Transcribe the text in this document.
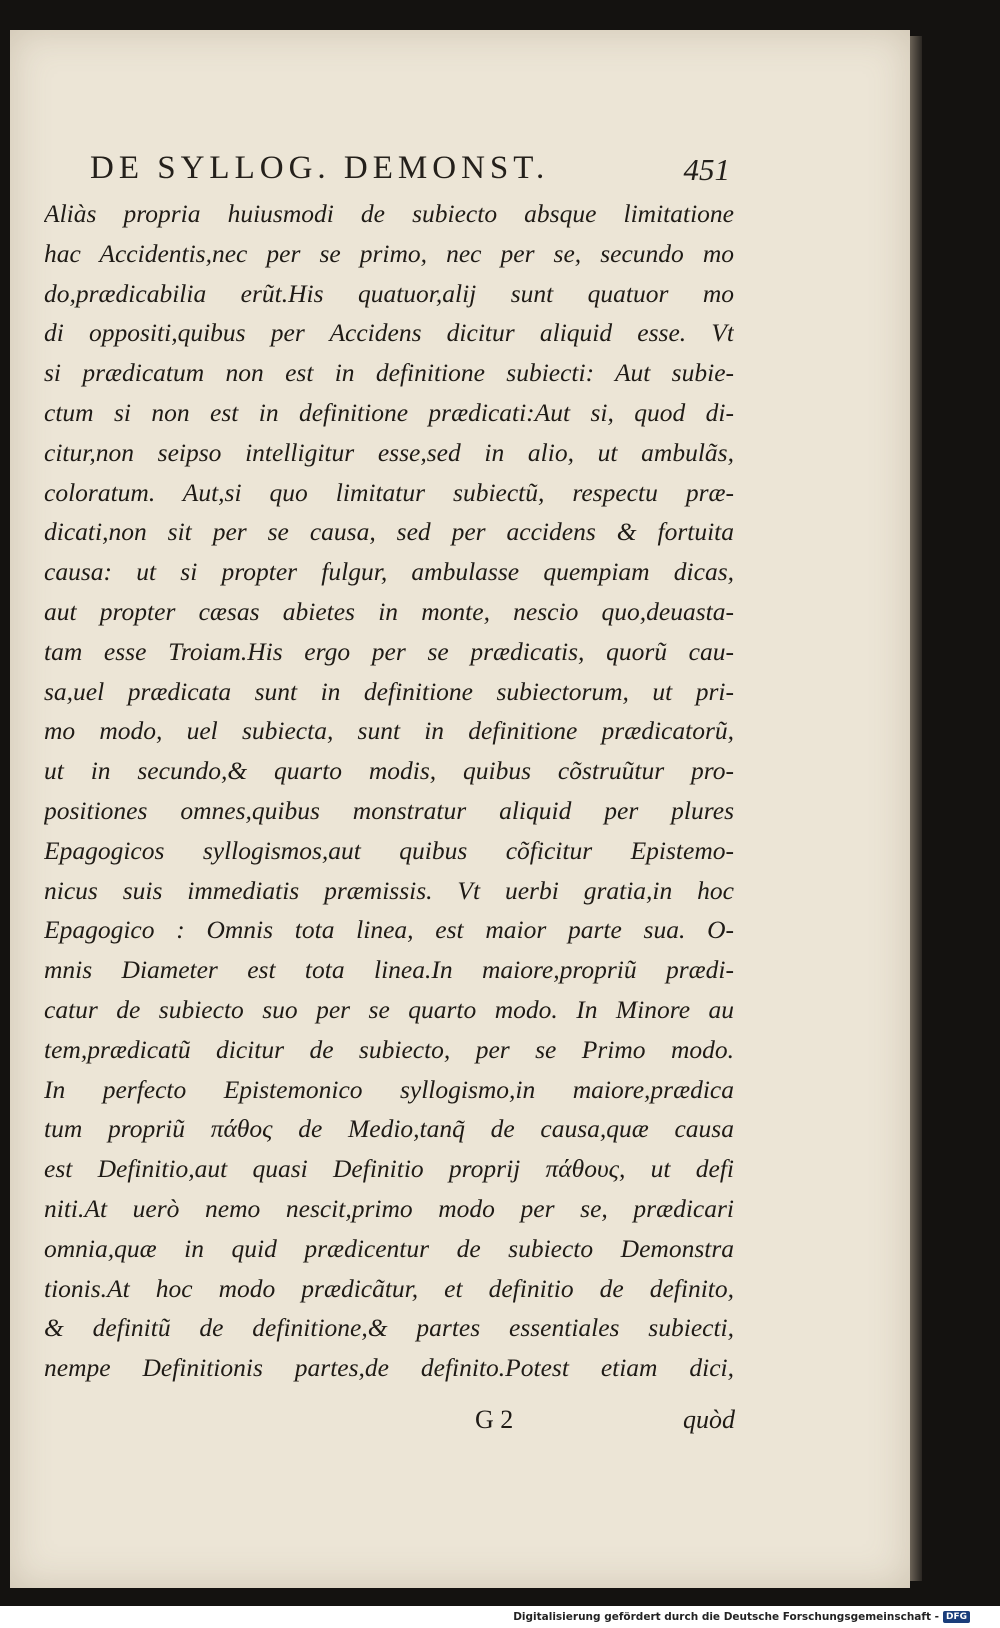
DE SYLLOG. DEMONST.	451
Aliàs propria huiusmodi de subiecto absque limitatione
hac Accidentis,nec per se primo, nec per se, secundo mo
do,prædicabilia erũt.His quatuor,alij sunt quatuor mo
di oppositi,quibus per Accidens dicitur aliquid esse. Vt
si prædicatum non est in definitione subiecti: Aut subie-
ctum si non est in definitione prædicati:Aut si, quod di-
citur,non seipso intelligitur esse,sed in alio, ut ambulãs,
coloratum. Aut,si quo limitatur subiectũ, respectu præ-
dicati,non sit per se causa, sed per accidens & fortuita
causa: ut si propter fulgur, ambulasse quempiam dicas,
aut propter cæsas abietes in monte, nescio quo,deuasta-
tam esse Troiam.His ergo per se prædicatis, quorũ cau-
sa,uel prædicata sunt in definitione subiectorum, ut pri-
mo modo, uel subiecta, sunt in definitione prædicatorũ,
ut in secundo,& quarto modis, quibus cõstruũtur pro-
positiones omnes,quibus monstratur aliquid per plures
Epagogicos syllogismos,aut quibus cõficitur Epistemo-
nicus suis immediatis præmissis. Vt uerbi gratia,in hoc
Epagogico : Omnis tota linea, est maior parte sua. O-
mnis Diameter est tota linea.In maiore,propriũ prædi-
catur de subiecto suo per se quarto modo. In Minore au
tem,prædicatũ dicitur de subiecto, per se Primo modo.
In perfecto Epistemonico syllogismo,in maiore,prædica
tum propriũ πάθος de Medio,tanq̃ de causa,quæ causa
est Definitio,aut quasi Definitio proprij πάθους, ut defi
niti.At uerò nemo nescit,primo modo per se, prædicari
omnia,quæ in quid prædicentur de subiecto Demonstra
tionis.At hoc modo prædicãtur, et definitio de definito,
& definitũ de definitione,& partes essentiales subiecti,
nempe Definitionis partes,de definito.Potest etiam dici,
G 2	quòd
Digitalisierung gefördert durch die Deutsche Forschungsgemeinschaft - DFG
